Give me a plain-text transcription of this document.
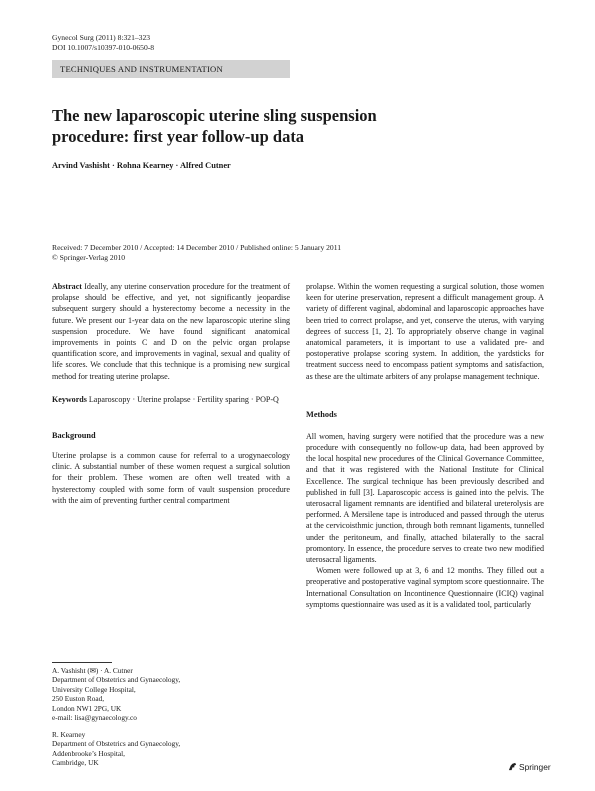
Gynecol Surg (2011) 8:321–323
DOI 10.1007/s10397-010-0650-8
TECHNIQUES AND INSTRUMENTATION
The new laparoscopic uterine sling suspension
procedure: first year follow-up data
Arvind Vashisht · Rohna Kearney · Alfred Cutner
Received: 7 December 2010 / Accepted: 14 December 2010 / Published online: 5 January 2011
© Springer-Verlag 2010

Abstract Ideally, any uterine conservation procedure for the treatment of prolapse should be effective, and yet, not significantly jeopardise subsequent surgery should a hysterectomy become a necessity in the future. We present our 1-year data on the new laparoscopic uterine sling suspension procedure. We have found significant anatomical improvements in points C and D on the pelvic organ prolapse quantification score, and improvements in vaginal, sexual and quality of life scores. We conclude that this technique is a promising new surgical method for treating uterine prolapse.

Keywords Laparoscopy · Uterine prolapse · Fertility sparing · POP-Q

Background

Uterine prolapse is a common cause for referral to a urogynaecology clinic. A substantial number of these women request a surgical solution for their problem. These women are often well treated with a hysterectomy coupled with some form of vault suspension procedure with the aim of preventing further central compartment

A. Vashisht (✉) · A. Cutner
Department of Obstetrics and Gynaecology,
University College Hospital,
250 Euston Road,
London NW1 2PG, UK
e-mail: lisa@gynaecology.co
R. Kearney
Department of Obstetrics and Gynaecology,
Addenbrooke’s Hospital,
Cambridge, UK

prolapse. Within the women requesting a surgical solution, those women keen for uterine preservation, represent a difficult management group. A variety of different vaginal, abdominal and laparoscopic approaches have been tried to correct prolapse, and yet, conserve the uterus, with varying degrees of success [1, 2]. To appropriately observe change in vaginal anatomical parameters, it is important to use a validated pre- and postoperative prolapse scoring system. In addition, the yardsticks for treatment success need to encompass patient symptoms and satisfaction, as these are the ultimate arbiters of any prolapse management technique.

Methods

All women, having surgery were notified that the procedure was a new procedure with consequently no follow-up data, had been approved by the local hospital new procedures of the Clinical Governance Committee, and that it was registered with the National Institute for Clinical Excellence. The surgical technique has been previously described and published in full [3]. Laparoscopic access is gained into the pelvis. The uterosacral ligament remnants are identified and bilateral ureterolysis are performed. A Mersilene tape is introduced and passed through the uterus at the cervicoisthmic junction, through both remnant ligaments, tunnelled under the peritoneum, and finally, attached bilaterally to the sacral promontory. In essence, the procedure serves to create two new modified uterosacral ligaments.

Women were followed up at 3, 6 and 12 months. They filled out a preoperative and postoperative vaginal symptom score questionnaire. The International Consultation on Incontinence Questionnaire (ICIQ) vaginal symptoms questionnaire was used as it is a validated tool, particularly

Springer
